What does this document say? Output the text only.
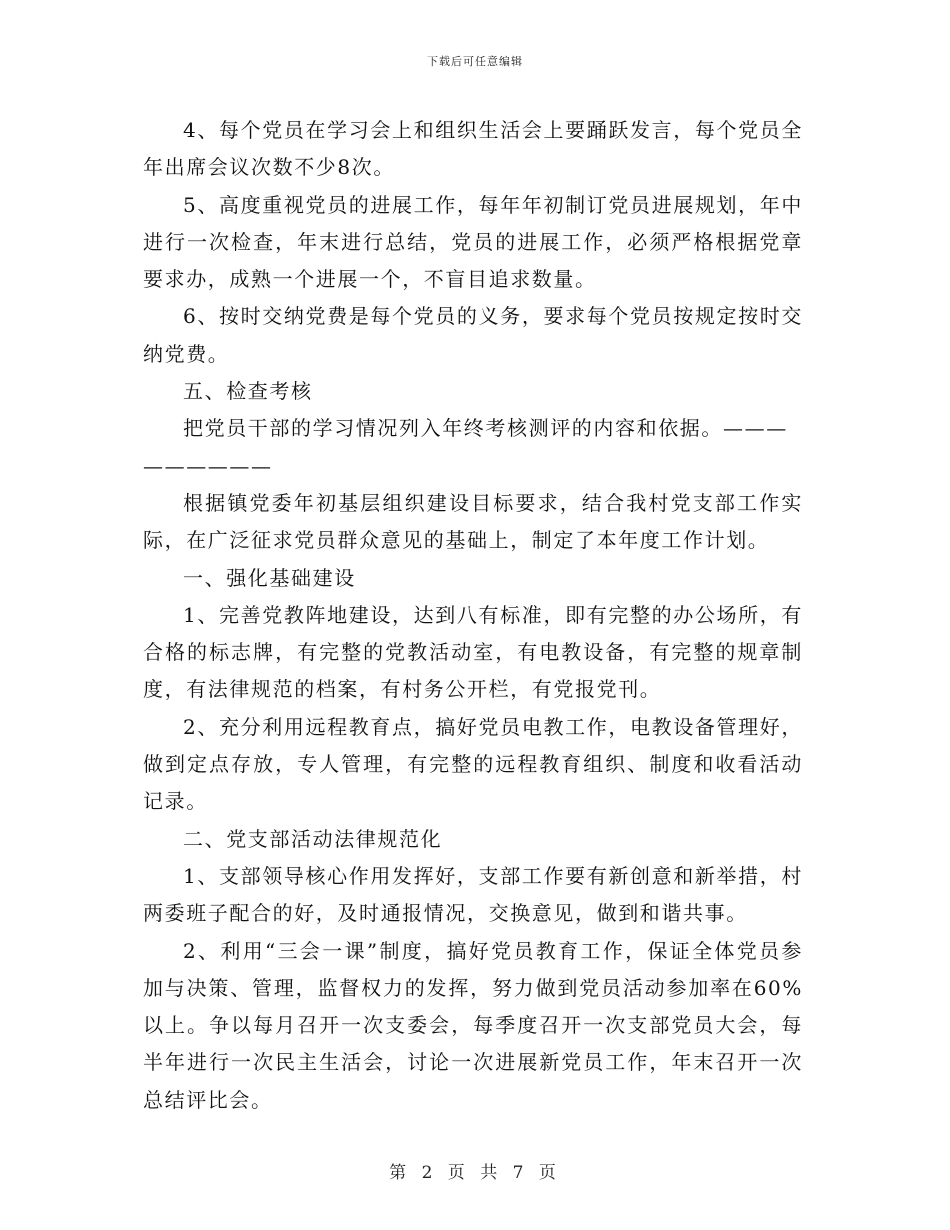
下载后可任意编辑

4、每个党员在学习会上和组织生活会上要踊跃发言，每个党员全年出席会议次数不少8次。

5、高度重视党员的进展工作，每年年初制订党员进展规划，年中进行一次检查，年末进行总结，党员的进展工作，必须严格根据党章要求办，成熟一个进展一个，不盲目追求数量。

6、按时交纳党费是每个党员的义务，要求每个党员按规定按时交纳党费。

五、检查考核

把党员干部的学习情况列入年终考核测评的内容和依据。———

——————

根据镇党委年初基层组织建设目标要求，结合我村党支部工作实际，在广泛征求党员群众意见的基础上，制定了本年度工作计划。

一、强化基础建设

1、完善党教阵地建设，达到八有标准，即有完整的办公场所，有合格的标志牌，有完整的党教活动室，有电教设备，有完整的规章制度，有法律规范的档案，有村务公开栏，有党报党刊。

2、充分利用远程教育点，搞好党员电教工作，电教设备管理好，做到定点存放，专人管理，有完整的远程教育组织、制度和收看活动记录。

二、党支部活动法律规范化

1、支部领导核心作用发挥好，支部工作要有新创意和新举措，村两委班子配合的好，及时通报情况，交换意见，做到和谐共事。

2、利用“三会一课”制度，搞好党员教育工作，保证全体党员参加与决策、管理，监督权力的发挥，努力做到党员活动参加率在60%以上。争以每月召开一次支委会，每季度召开一次支部党员大会，每半年进行一次民主生活会，讨论一次进展新党员工作，年末召开一次总结评比会。

第 2 页 共 7 页
